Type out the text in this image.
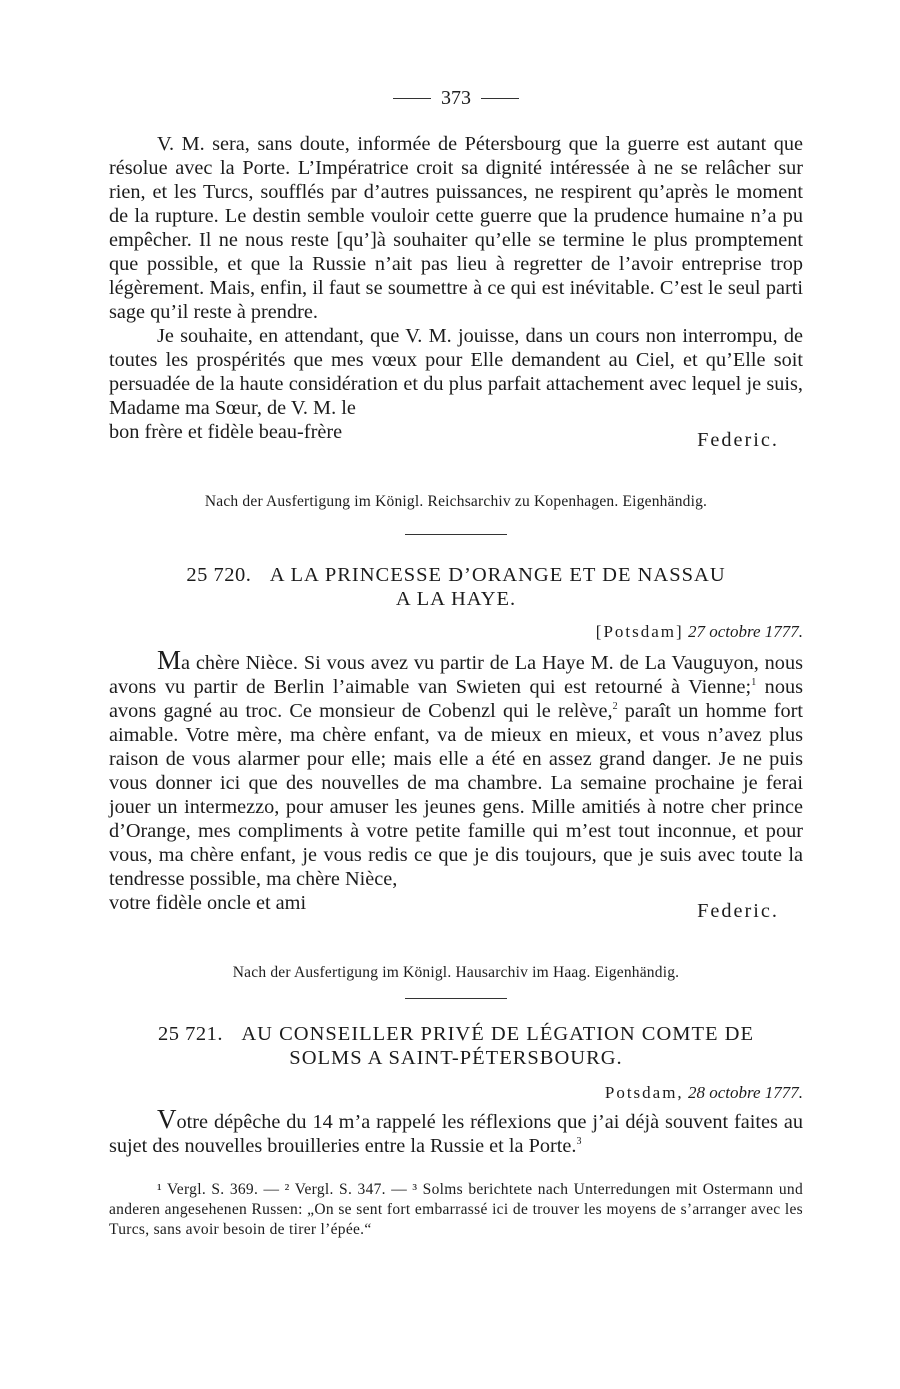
373

V. M. sera, sans doute, informée de Pétersbourg que la guerre est autant que résolue avec la Porte. L’Impératrice croit sa dignité intéressée à ne se relâcher sur rien, et les Turcs, soufflés par d’autres puissances, ne respirent qu’après le moment de la rupture. Le destin semble vouloir cette guerre que la prudence humaine n’a pu empêcher. Il ne nous reste [qu’]à souhaiter qu’elle se termine le plus promptement que possible, et que la Russie n’ait pas lieu à regretter de l’avoir entreprise trop légèrement. Mais, enfin, il faut se soumettre à ce qui est inévitable. C’est le seul parti sage qu’il reste à prendre.

Je souhaite, en attendant, que V. M. jouisse, dans un cours non interrompu, de toutes les prospérités que mes vœux pour Elle demandent au Ciel, et qu’Elle soit persuadée de la haute considération et du plus parfait attachement avec lequel je suis, Madame ma Sœur, de V. M. le

bon frère et fidèle beau-frère	Federic.
Nach der Ausfertigung im Königl. Reichsarchiv zu Kopenhagen. Eigenhändig.
25 720. A LA PRINCESSE D’ORANGE ET DE NASSAU
A LA HAYE.
[Potsdam] 27 octobre 1777.

Ma chère Nièce. Si vous avez vu partir de La Haye M. de La Vauguyon, nous avons vu partir de Berlin l’aimable van Swieten qui est retourné à Vienne;$^1$ nous avons gagné au troc. Ce monsieur de Cobenzl qui le relève,$^2$ paraît un homme fort aimable. Votre mère, ma chère enfant, va de mieux en mieux, et vous n’avez plus raison de vous alarmer pour elle; mais elle a été en assez grand danger. Je ne puis vous donner ici que des nouvelles de ma chambre. La semaine prochaine je ferai jouer un intermezzo, pour amuser les jeunes gens. Mille amitiés à notre cher prince d’Orange, mes compliments à votre petite famille qui m’est tout inconnue, et pour vous, ma chère enfant, je vous redis ce que je dis toujours, que je suis avec toute la tendresse possible, ma chère Nièce,

votre fidèle oncle et ami	Federic.
Nach der Ausfertigung im Königl. Hausarchiv im Haag. Eigenhändig.
25 721. AU CONSEILLER PRIVÉ DE LÉGATION COMTE DE
SOLMS A SAINT-PÉTERSBOURG.
Potsdam, 28 octobre 1777.

Votre dépêche du 14 m’a rappelé les réflexions que j’ai déjà souvent faites au sujet des nouvelles brouilleries entre la Russie et la Porte.$^3$

¹ Vergl. S. 369. — ² Vergl. S. 347. — ³ Solms berichtete nach Unterredungen mit Ostermann und anderen angesehenen Russen: „On se sent fort embarrassé ici de trouver les moyens de s’arranger avec les Turcs, sans avoir besoin de tirer l’épée.“
